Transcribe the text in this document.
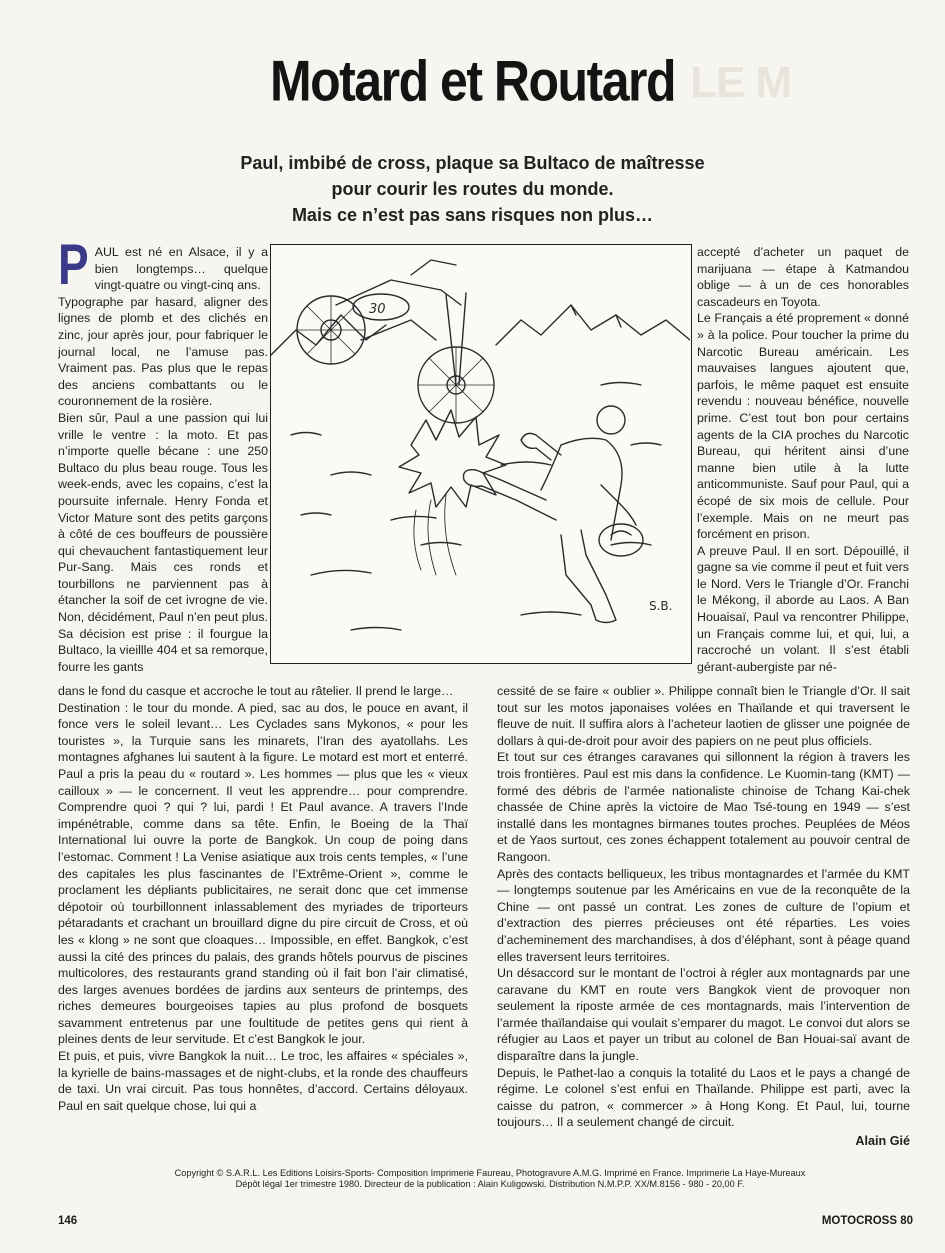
LE M
Motard et Routard
Paul, imbibé de cross, plaque sa Bultaco de maîtresse
pour courir les routes du monde.
Mais ce n’est pas sans risques non plus…

PAUL est né en Alsace, il y a bien longtemps… quelque vingt-quatre ou vingt-cinq ans.

Typographe par hasard, aligner des lignes de plomb et des clichés en zinc, jour après jour, pour fabriquer le journal local, ne l’amuse pas. Vraiment pas. Pas plus que le repas des anciens combattants ou le couronnement de la rosière.

Bien sûr, Paul a une passion qui lui vrille le ventre : la moto. Et pas n’importe quelle bécane : une 250 Bultaco du plus beau rouge. Tous les week-ends, avec les copains, c’est la poursuite infernale. Henry Fonda et Victor Mature sont des petits garçons à côté de ces bouffeurs de poussière qui chevauchent fantastiquement leur Pur-Sang. Mais ces ronds et tourbillons ne parviennent pas à étancher la soif de cet ivrogne de vie. Non, décidément, Paul n’en peut plus. Sa décision est prise : il fourgue la Bultaco, la vieillle 404 et sa remorque, fourre les gants

30
S.B.

accepté d’acheter un paquet de marijuana — étape à Katmandou oblige — à un de ces honorables cascadeurs en Toyota.

Le Français a été proprement « donné » à la police. Pour toucher la prime du Narcotic Bureau américain. Les mauvaises langues ajoutent que, parfois, le même paquet est ensuite revendu : nouveau bénéfice, nouvelle prime. C’est tout bon pour certains agents de la CIA proches du Narcotic Bureau, qui héritent ainsi d’une manne bien utile à la lutte anticommuniste. Sauf pour Paul, qui a écopé de six mois de cellule. Pour l’exemple. Mais on ne meurt pas forcément en prison.

A preuve Paul. Il en sort. Dépouillé, il gagne sa vie comme il peut et fuit vers le Nord. Vers le Triangle d’Or. Franchi le Mékong, il aborde au Laos. A Ban Houaisaï, Paul va rencontrer Philippe, un Français comme lui, et qui, lui, a raccroché un volant. Il s’est établi gérant-aubergiste par né-

dans le fond du casque et accroche le tout au râtelier. Il prend le large…

Destination : le tour du monde. A pied, sac au dos, le pouce en avant, il fonce vers le soleil levant… Les Cyclades sans Mykonos, « pour les touristes », la Turquie sans les minarets, l’Iran des ayatollahs. Les montagnes afghanes lui sautent à la figure. Le motard est mort et enterré. Paul a pris la peau du « routard ». Les hommes — plus que les « vieux cailloux » — le concernent. Il veut les apprendre… pour comprendre. Comprendre quoi ? qui ? lui, pardi ! Et Paul avance. A travers l’Inde impénétrable, comme dans sa tête. Enfin, le Boeing de la Thaï International lui ouvre la porte de Bangkok. Un coup de poing dans l’estomac. Comment ! La Venise asiatique aux trois cents temples, « l’une des capitales les plus fascinantes de l’Extrême-Orient », comme le proclament les dépliants publicitaires, ne serait donc que cet immense dépotoir où tourbillonnent inlassablement des myriades de triporteurs pétaradants et crachant un brouillard digne du pire circuit de Cross, et où les « klong » ne sont que cloaques… Impossible, en effet. Bangkok, c’est aussi la cité des princes du palais, des grands hôtels pourvus de piscines multicolores, des restaurants grand standing où il fait bon l’air climatisé, des larges avenues bordées de jardins aux senteurs de printemps, des riches demeures bourgeoises tapies au plus profond de bosquets savamment entretenus par une foultitude de petites gens qui rient à pleines dents de leur servitude. Et c’est Bangkok le jour.

Et puis, et puis, vivre Bangkok la nuit… Le troc, les affaires « spéciales », la kyrielle de bains-massages et de night-clubs, et la ronde des chauffeurs de taxi. Un vrai circuit. Pas tous honnêtes, d’accord. Certains déloyaux. Paul en sait quelque chose, lui qui a

cessité de se faire « oublier ». Philippe connaît bien le Triangle d’Or. Il sait tout sur les motos japonaises volées en Thaïlande et qui traversent le fleuve de nuit. Il suffira alors à l’acheteur laotien de glisser une poignée de dollars à qui-de-droit pour avoir des papiers on ne peut plus officiels.

Et tout sur ces étranges caravanes qui sillonnent la région à travers les trois frontières. Paul est mis dans la confidence. Le Kuomin-tang (KMT) — formé des débris de l’armée nationaliste chinoise de Tchang Kai-chek chassée de Chine après la victoire de Mao Tsé-toung en 1949 — s’est installé dans les montagnes birmanes toutes proches. Peuplées de Méos et de Yaos surtout, ces zones échappent totalement au pouvoir central de Rangoon.

Après des contacts belliqueux, les tribus montagnardes et l’armée du KMT — longtemps soutenue par les Américains en vue de la reconquête de la Chine — ont passé un contrat. Les zones de culture de l’opium et d’extraction des pierres précieuses ont été réparties. Les voies d’acheminement des marchandises, à dos d’éléphant, sont à péage quand elles traversent leurs territoires.

Un désaccord sur le montant de l’octroi à régler aux montagnards par une caravane du KMT en route vers Bangkok vient de provoquer non seulement la riposte armée de ces montagnards, mais l’intervention de l’armée thaïlandaise qui voulait s’emparer du magot. Le convoi dut alors se réfugier au Laos et payer un tribut au colonel de Ban Houai-saï avant de disparaître dans la jungle.

Depuis, le Pathet-lao a conquis la totalité du Laos et le pays a changé de régime. Le colonel s’est enfui en Thaïlande. Philippe est parti, avec la caisse du patron, « commercer » à Hong Kong. Et Paul, lui, tourne toujours… Il a seulement changé de circuit.

Alain Gié
Copyright © S.A.R.L. Les Editions Loisirs-Sports- Composition Imprimerie Faureau, Photogravure A.M.G. Imprimé en France. Imprimerie La Haye-Mureaux
Dépôt légal 1er trimestre 1980. Directeur de la publication : Alain Kuligowski. Distribution N.M.P.P. XX/M.8156 - 980 - 20,00 F.
146	MOTOCROSS 80
